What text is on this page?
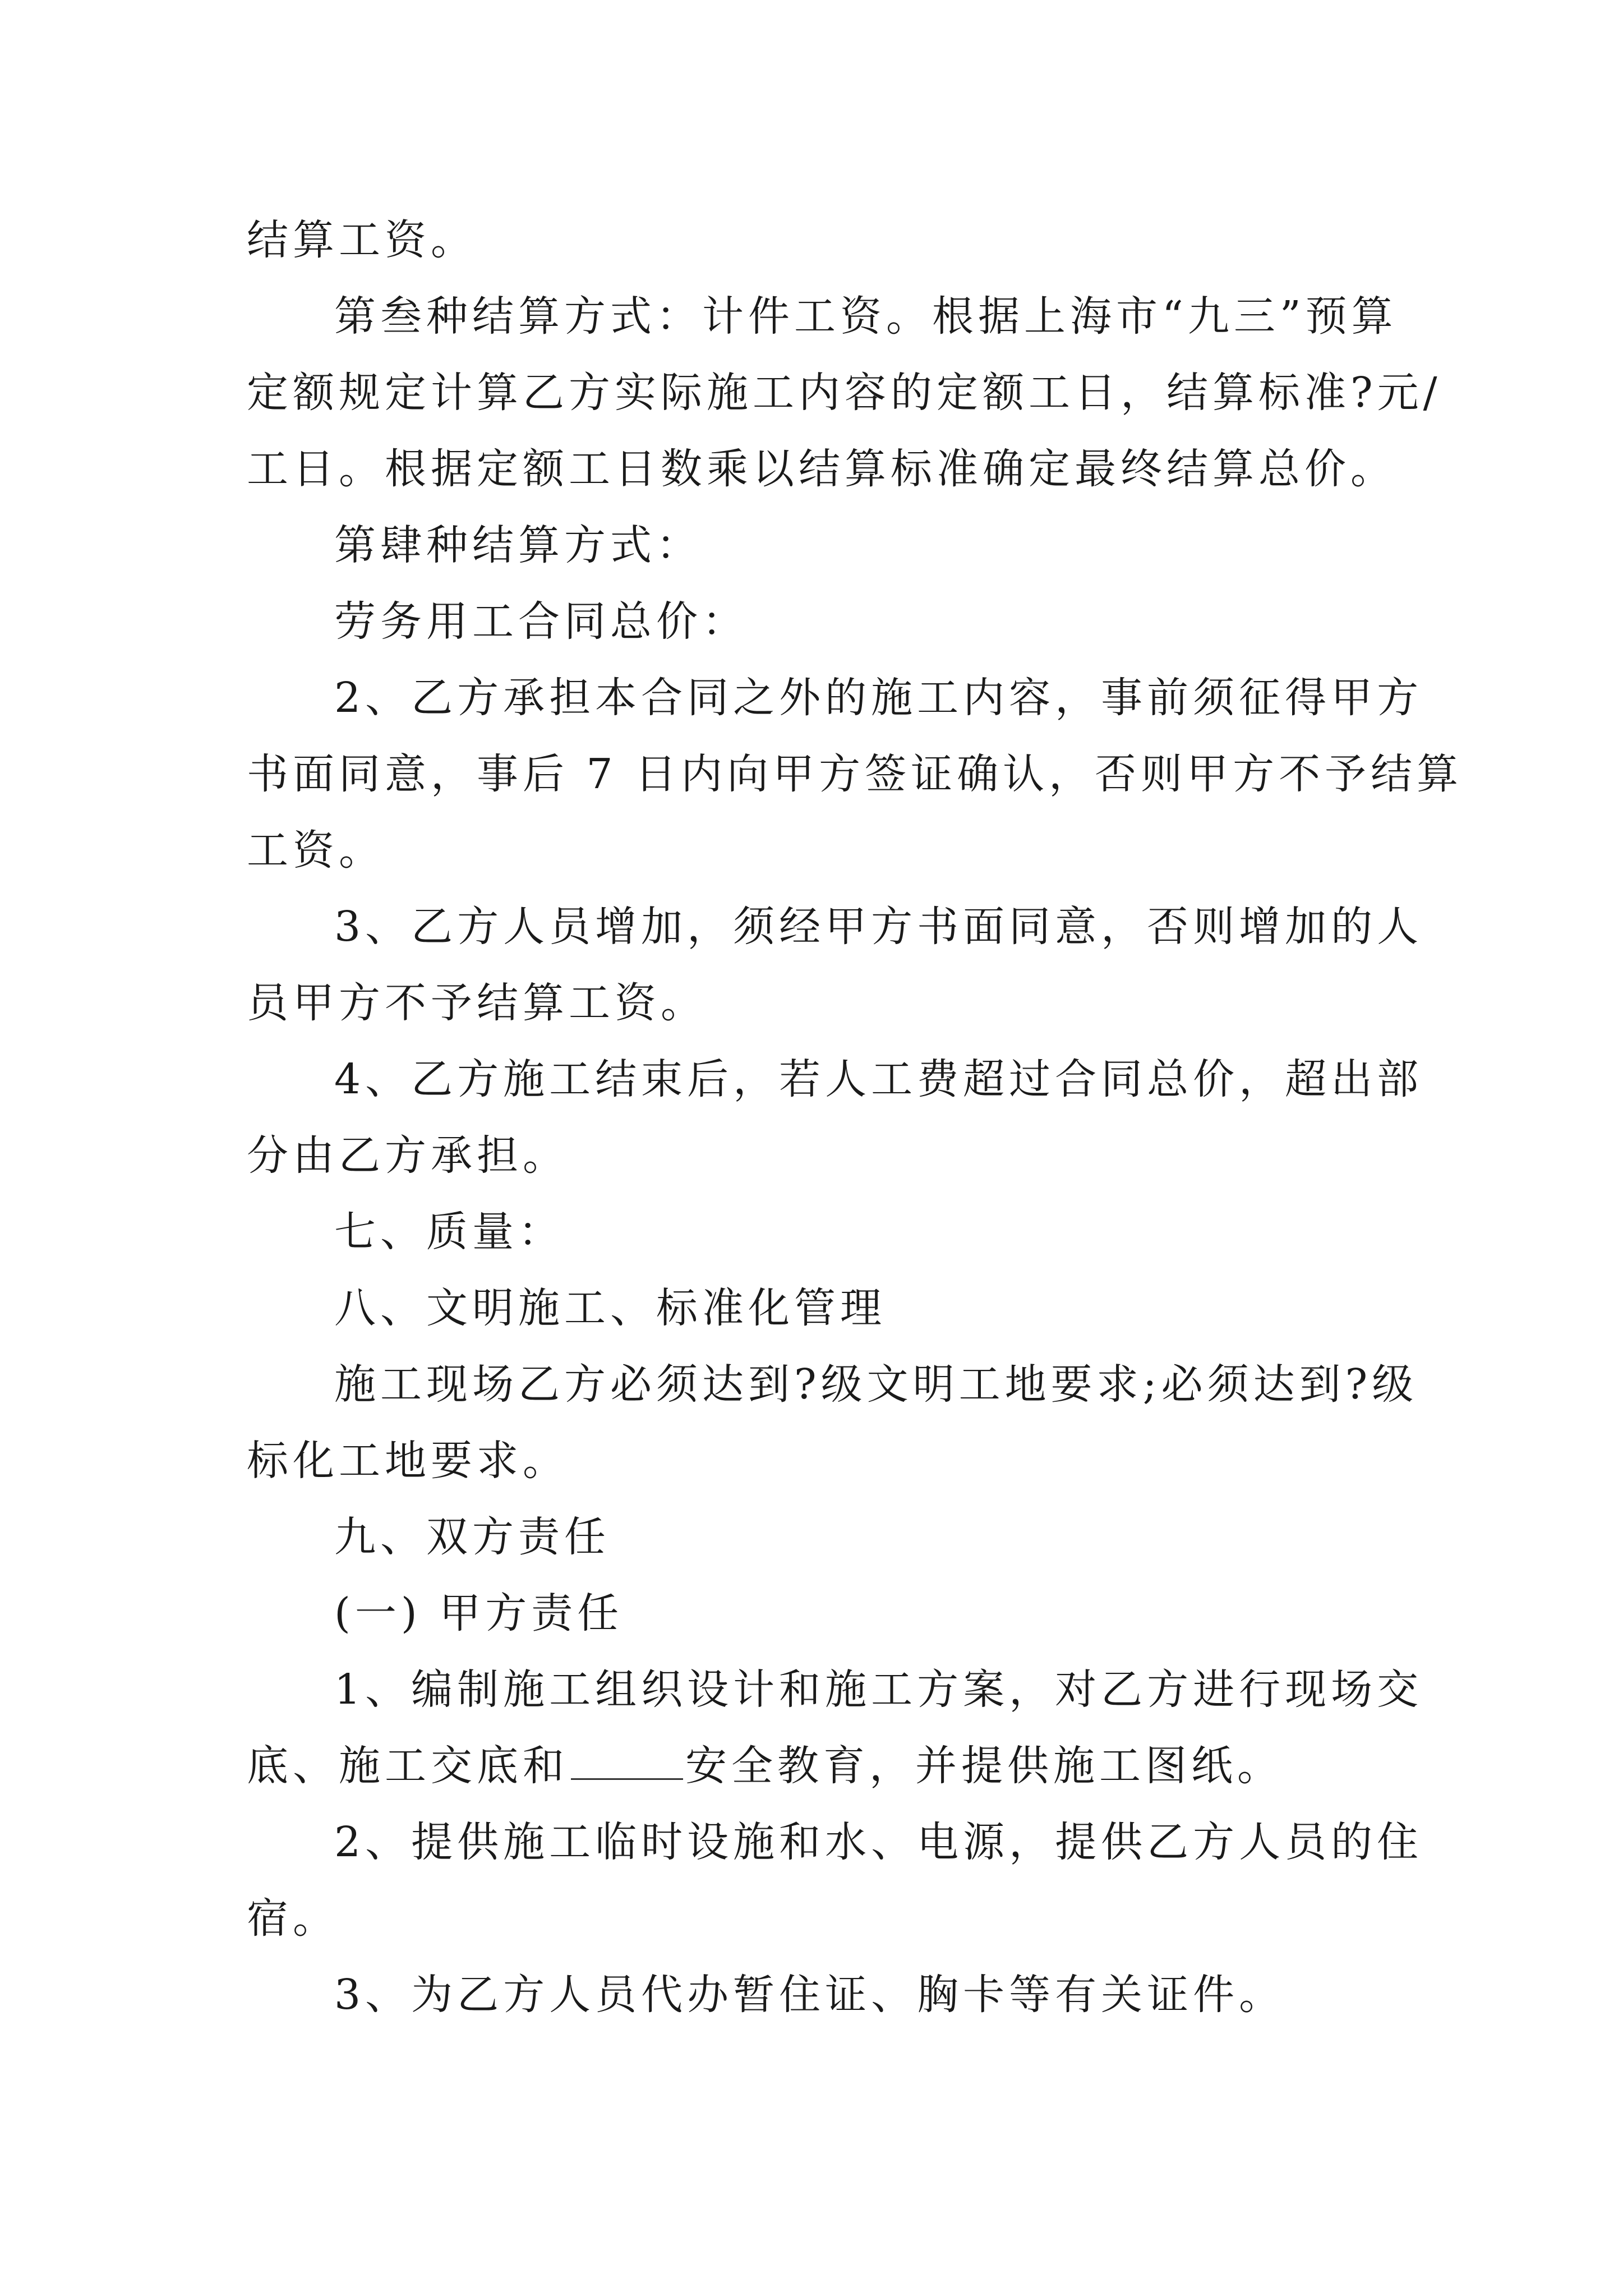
结算工资。
第叁种结算方式：计件工资。根据上海市“九三”预算
定额规定计算乙方实际施工内容的定额工日，结算标准?元/
工日。根据定额工日数乘以结算标准确定最终结算总价。
第肆种结算方式：
劳务用工合同总价：
2、乙方承担本合同之外的施工内容，事前须征得甲方
书面同意，事后 7 日内向甲方签证确认，否则甲方不予结算
工资。
3、乙方人员增加，须经甲方书面同意，否则增加的人
员甲方不予结算工资。
4、乙方施工结束后，若人工费超过合同总价，超出部
分由乙方承担。
七、质量：
八、文明施工、标准化管理
施工现场乙方必须达到?级文明工地要求;必须达到?级
标化工地要求。
九、双方责任
(一) 甲方责任
1、编制施工组织设计和施工方案，对乙方进行现场交
底、施工交底和	安全教育，并提供施工图纸。
2、提供施工临时设施和水、电源，提供乙方人员的住
宿。
3、为乙方人员代办暂住证、胸卡等有关证件。
